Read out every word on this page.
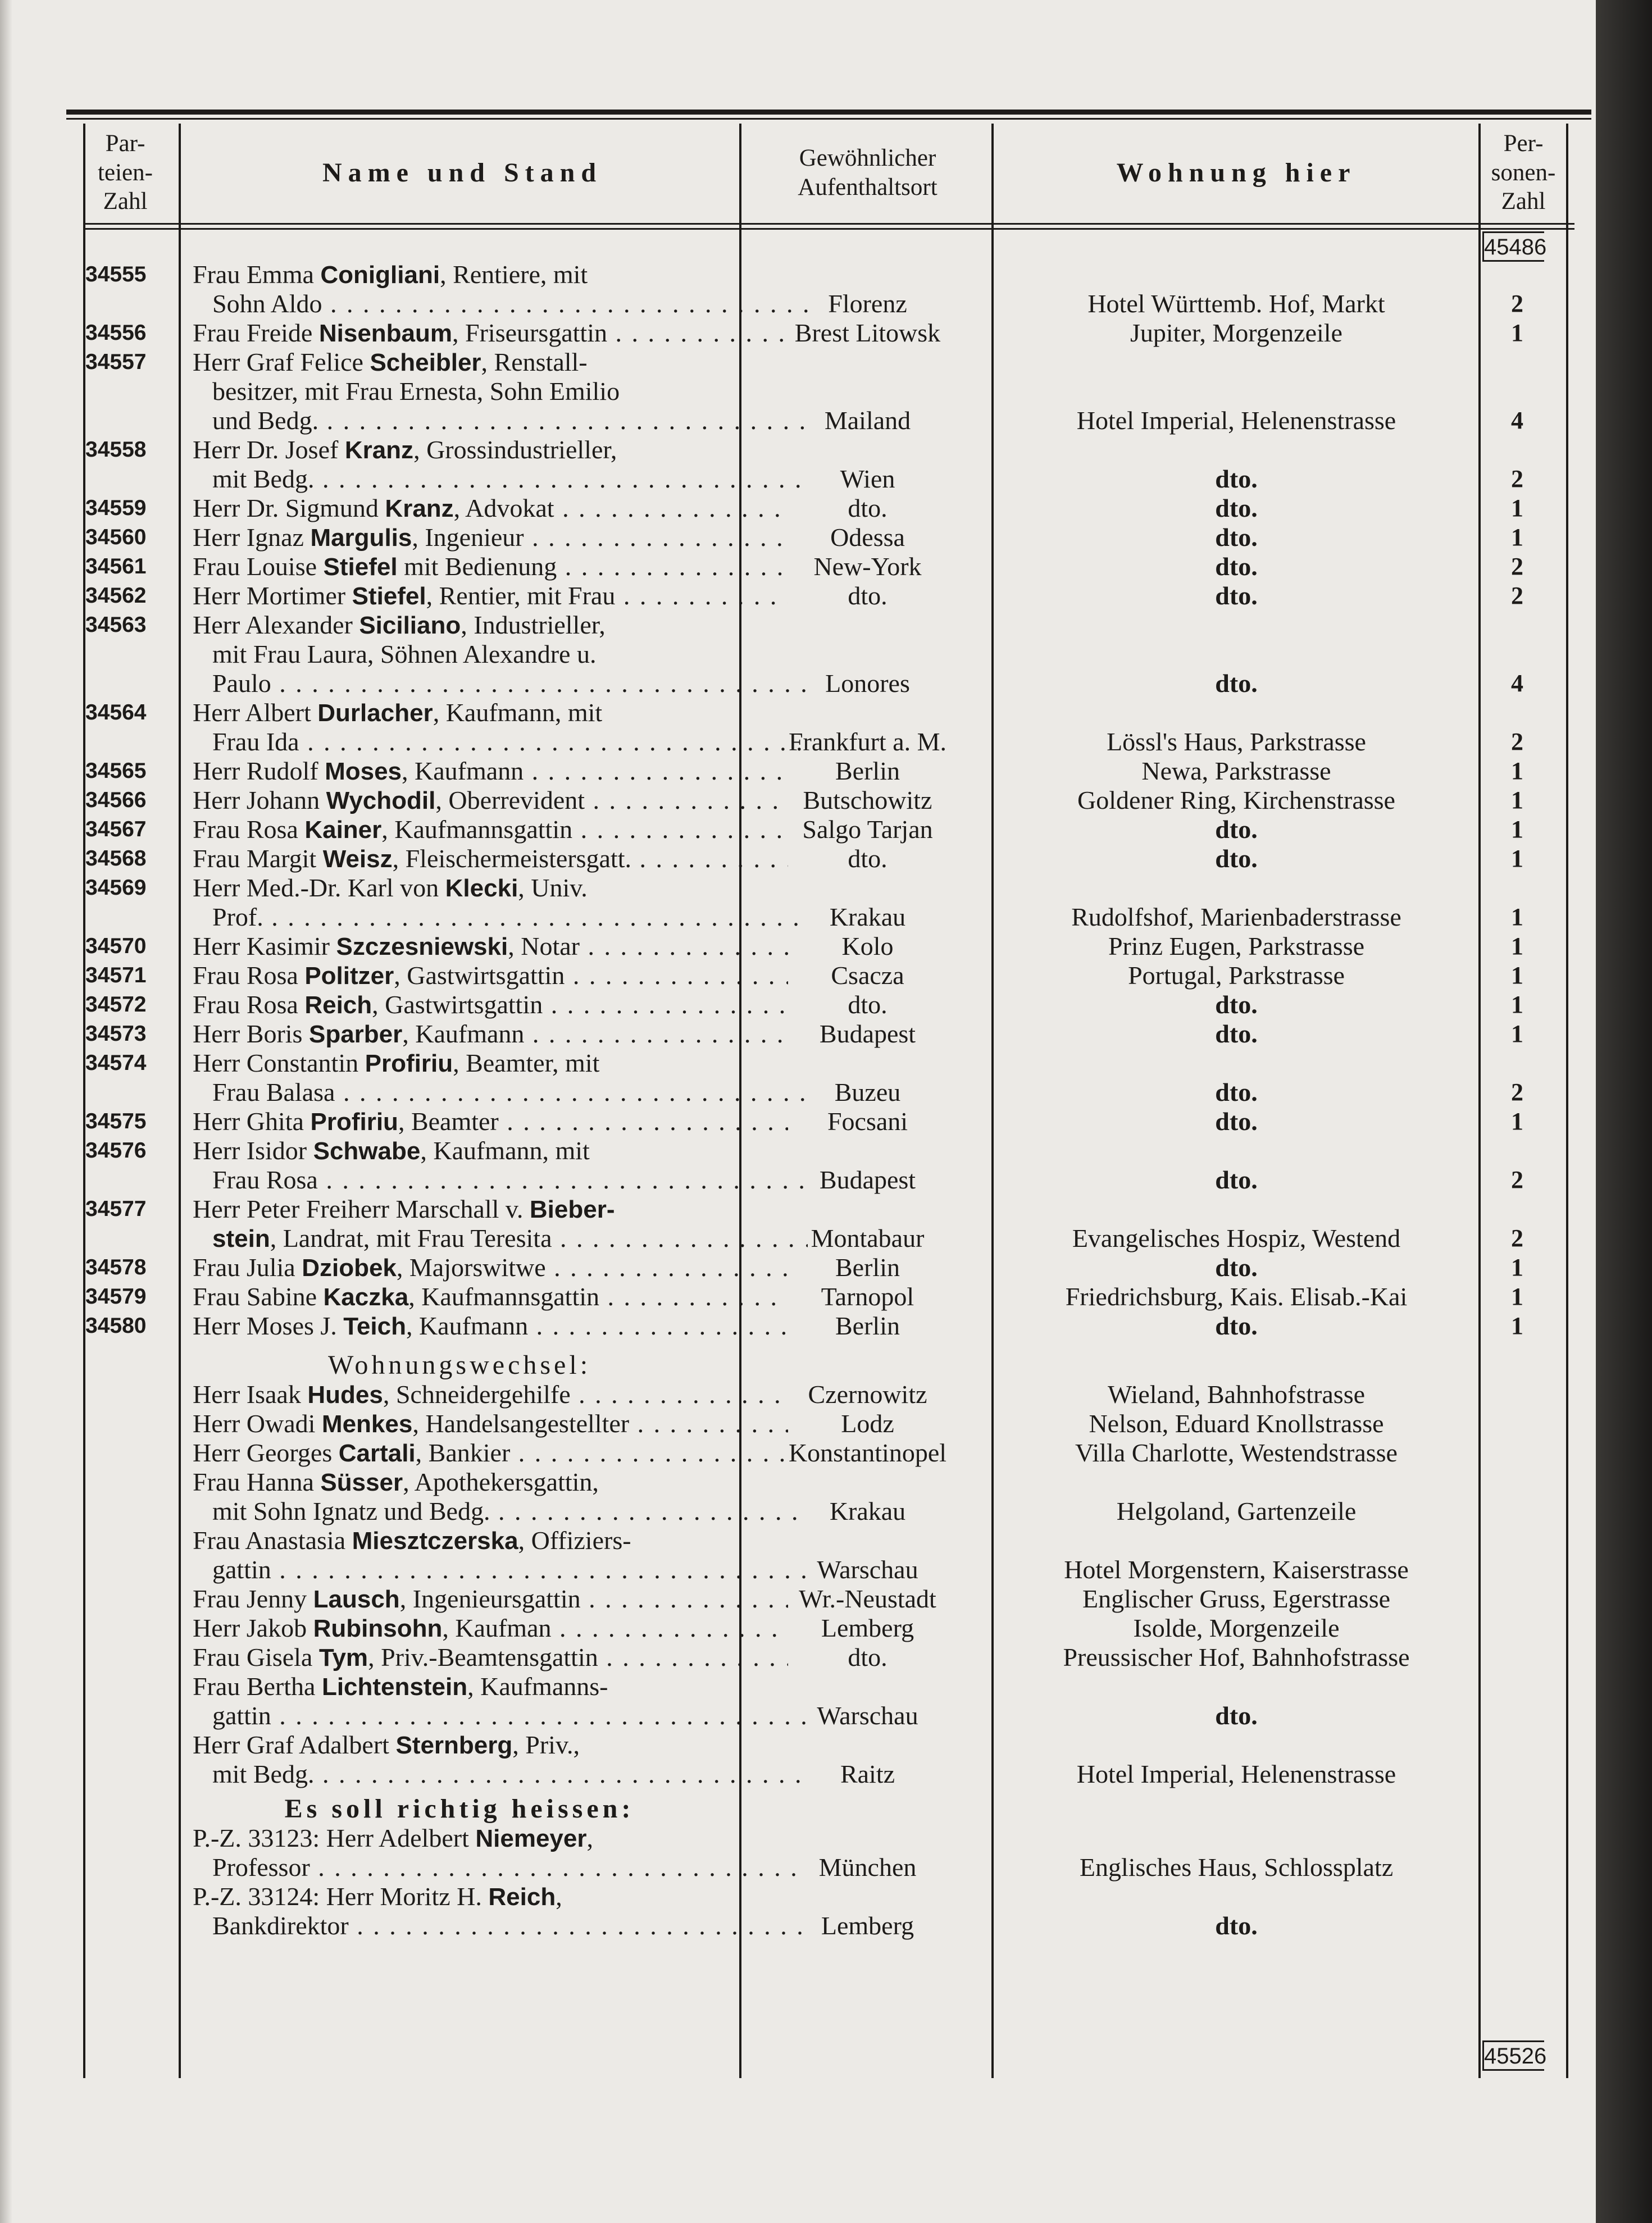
Par- teien- Zahl
Name und Stand	Gewöhnlicher Aufenthaltsort	Wohnung hier
Per- sonen- Zahl
45486
34555 Frau Emma Conigliani, Rentiere, mit
Sohn Aldo . . .	Florenz	Hotel Württemb. Hof, Markt	2
34556 Frau Freide Nisenbaum, Friseursgattin . . .	Brest Litowsk	Jupiter, Morgenzeile	1
34557 Herr Graf Felice Scheibler, Renstall-
besitzer, mit Frau Ernesta, Sohn Emilio
und Bedg. . . .	Mailand	Hotel Imperial, Helenenstrasse	4
34558 Herr Dr. Josef Kranz, Grossindustrieller,
mit Bedg. . . .	Wien	dto.	2
34559 Herr Dr. Sigmund Kranz, Advokat . . .	dto.	dto.	1
34560 Herr Ignaz Margulis, Ingenieur . . .	Odessa	dto.	1
34561 Frau Louise Stiefel mit Bedienung . . .	New-York	dto.	2
34562 Herr Mortimer Stiefel, Rentier, mit Frau . . .	dto.	dto.	2
34563 Herr Alexander Siciliano, Industrieller,
mit Frau Laura, Söhnen Alexandre u.
Paulo . . .	Lonores	dto.	4
34564 Herr Albert Durlacher, Kaufmann, mit
Frau Ida . . .	Frankfurt a. M.	Lössl's Haus, Parkstrasse	2
34565 Herr Rudolf Moses, Kaufmann . . .	Berlin	Newa, Parkstrasse	1
34566 Herr Johann Wychodil, Oberrevident . . .	Butschowitz	Goldener Ring, Kirchenstrasse	1
34567 Frau Rosa Kainer, Kaufmannsgattin . . .	Salgo Tarjan	dto.	1
34568 Frau Margit Weisz, Fleischermeistersgatt. . . .	dto.	dto.	1
34569 Herr Med.-Dr. Karl von Klecki, Univ.
Prof. . . .	Krakau	Rudolfshof, Marienbaderstrasse	1
34570 Herr Kasimir Szczesniewski, Notar . . .	Kolo	Prinz Eugen, Parkstrasse	1
34571 Frau Rosa Politzer, Gastwirtsgattin . . .	Csacza	Portugal, Parkstrasse	1
34572 Frau Rosa Reich, Gastwirtsgattin . . .	dto.	dto.	1
34573 Herr Boris Sparber, Kaufmann . . .	Budapest	dto.	1
34574 Herr Constantin Profiriu, Beamter, mit
Frau Balasa . . .	Buzeu	dto.	2
34575 Herr Ghita Profiriu, Beamter . . .	Focsani	dto.	1
34576 Herr Isidor Schwabe, Kaufmann, mit
Frau Rosa . . .	Budapest	dto.	2
34577 Herr Peter Freiherr Marschall v. Bieber-
stein, Landrat, mit Frau Teresita . . .	Montabaur	Evangelisches Hospiz, Westend	2
34578 Frau Julia Dziobek, Majorswitwe . . .	Berlin	dto.	1
34579 Frau Sabine Kaczka, Kaufmannsgattin . . .	Tarnopol	Friedrichsburg, Kais. Elisab.-Kai	1
34580 Herr Moses J. Teich, Kaufmann . . .	Berlin	dto.	1
Wohnungswechsel:
Herr Isaak Hudes, Schneidergehilfe . . .	Czernowitz	Wieland, Bahnhofstrasse
Herr Owadi Menkes, Handelsangestellter . . .	Lodz	Nelson, Eduard Knollstrasse
Herr Georges Cartali, Bankier . . .	Konstantinopel	Villa Charlotte, Westendstrasse
Frau Hanna Süsser, Apothekersgattin,
mit Sohn Ignatz und Bedg. . . .	Krakau	Helgoland, Gartenzeile
Frau Anastasia Miesztczerska, Offiziers-
gattin . . .	Warschau	Hotel Morgenstern, Kaiserstrasse
Frau Jenny Lausch, Ingenieursgattin . . .	Wr.-Neustadt	Englischer Gruss, Egerstrasse
Herr Jakob Rubinsohn, Kaufman . . .	Lemberg	Isolde, Morgenzeile
Frau Gisela Tym, Priv.-Beamtensgattin . . .	dto.	Preussischer Hof, Bahnhofstrasse
Frau Bertha Lichtenstein, Kaufmanns-
gattin . . .	Warschau	dto.
Herr Graf Adalbert Sternberg, Priv.,
mit Bedg. . . .	Raitz	Hotel Imperial, Helenenstrasse
Es soll richtig heissen:
P.-Z. 33123: Herr Adelbert Niemeyer,
Professor . . .	München	Englisches Haus, Schlossplatz
P.-Z. 33124: Herr Moritz H. Reich,
Bankdirektor . . .	Lemberg	dto.
45526
